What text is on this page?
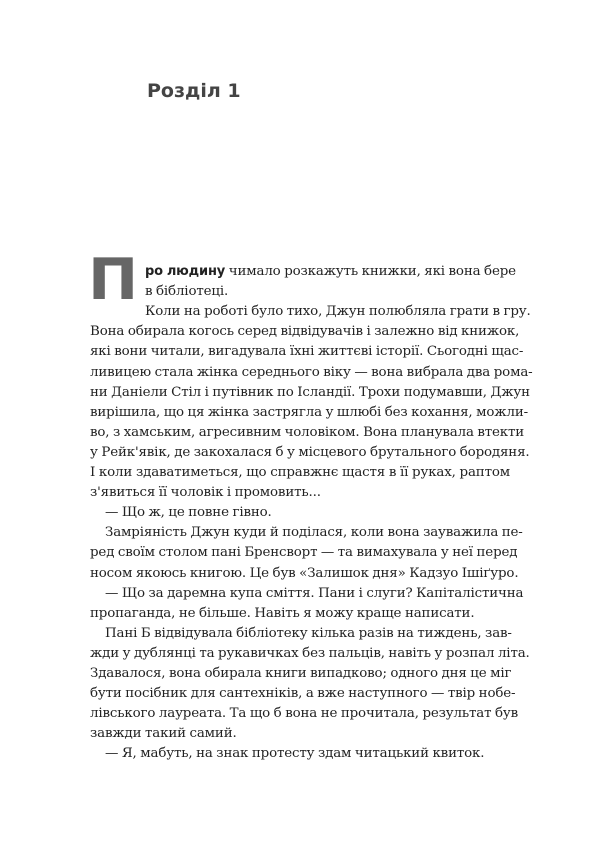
Розділ 1
П ро людину чималo розкажуть книжки, які вона бере
в бібліотеці.
Коли на роботі було тихо, Джун полюбляла грати в гру.
Вона обирала когось серед відвідувачів і залежно від книжок,
які вони читали, вигадувала їхні життєві історії. Сьогодні щас-
ливицею стала жінка середнього віку — вона вибрала два рома-
ни Даніели Стіл і путівник по Ісландії. Трохи подумавши, Джун
вирішила, що ця жінка застрягла у шлюбі без кохання, можли-
во, з хамським, агресивним чоловіком. Вона планувала втекти
у Рейк'явік, де закохалася б у місцевого брутального бородяня.
І коли здаватиметься, що справжнє щастя в її руках, раптом
з'явиться її чоловік і промовить...
— Що ж, це повне гівно.
Замріяність Джун куди й поділася, коли вона зауважила пе-
ред своїм столом пані Бренсворт — та вимахувала у неї перед
носом якоюсь книгою. Це був «Залишок дня» Кадзуо Ішіґуро.
— Що за даремна купа сміття. Пани і слуги? Капіталістична
пропаганда, не більше. Навіть я можу краще написати.
Пані Б відвідувала бібліотеку кілька разів на тиждень, зав-
жди у дублянці та рукавичках без пальців, навіть у розпал літа.
Здавалося, вона обирала книги випадково; одного дня це міг
бути посібник для сантехніків, а вже наступного — твір нобе-
лівського лауреата. Та що б вона не прочитала, результат був
завжди такий самий.
— Я, мабуть, на знак протесту здам читацький квиток.
